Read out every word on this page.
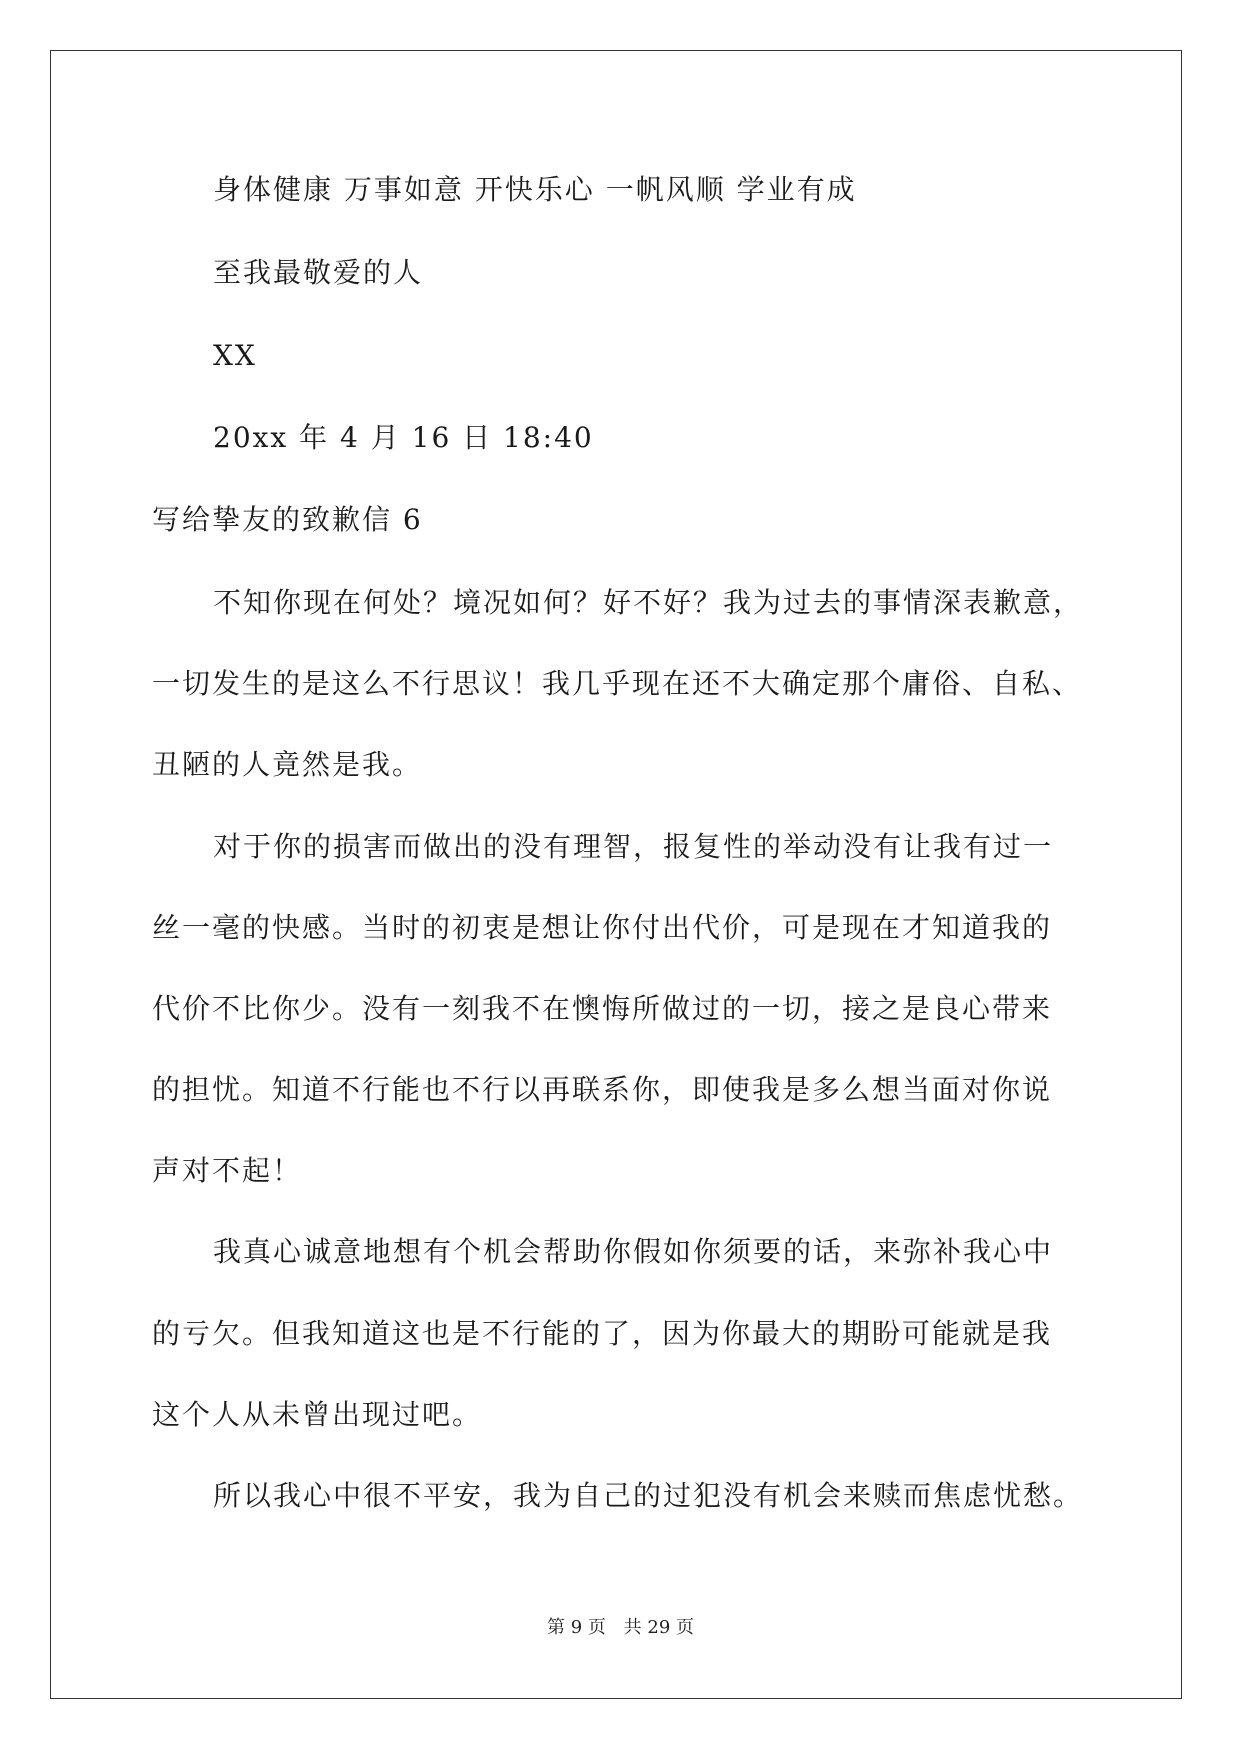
身体健康 万事如意 开快乐心 一帆风顺 学业有成
至我最敬爱的人
XX
20xx 年 4 月 16 日 18:40
写给挚友的致歉信 6
不知你现在何处？境况如何？好不好？我为过去的事情深表歉意，
一切发生的是这么不行思议！我几乎现在还不大确定那个庸俗、自私、
丑陋的人竟然是我。
对于你的损害而做出的没有理智，报复性的举动没有让我有过一
丝一毫的快感。当时的初衷是想让你付出代价，可是现在才知道我的
代价不比你少。没有一刻我不在懊悔所做过的一切，接之是良心带来
的担忧。知道不行能也不行以再联系你，即使我是多么想当面对你说
声对不起！
我真心诚意地想有个机会帮助你假如你须要的话，来弥补我心中
的亏欠。但我知道这也是不行能的了，因为你最大的期盼可能就是我
这个人从未曾出现过吧。
所以我心中很不平安，我为自己的过犯没有机会来赎而焦虑忧愁。
第 9 页 共 29 页
